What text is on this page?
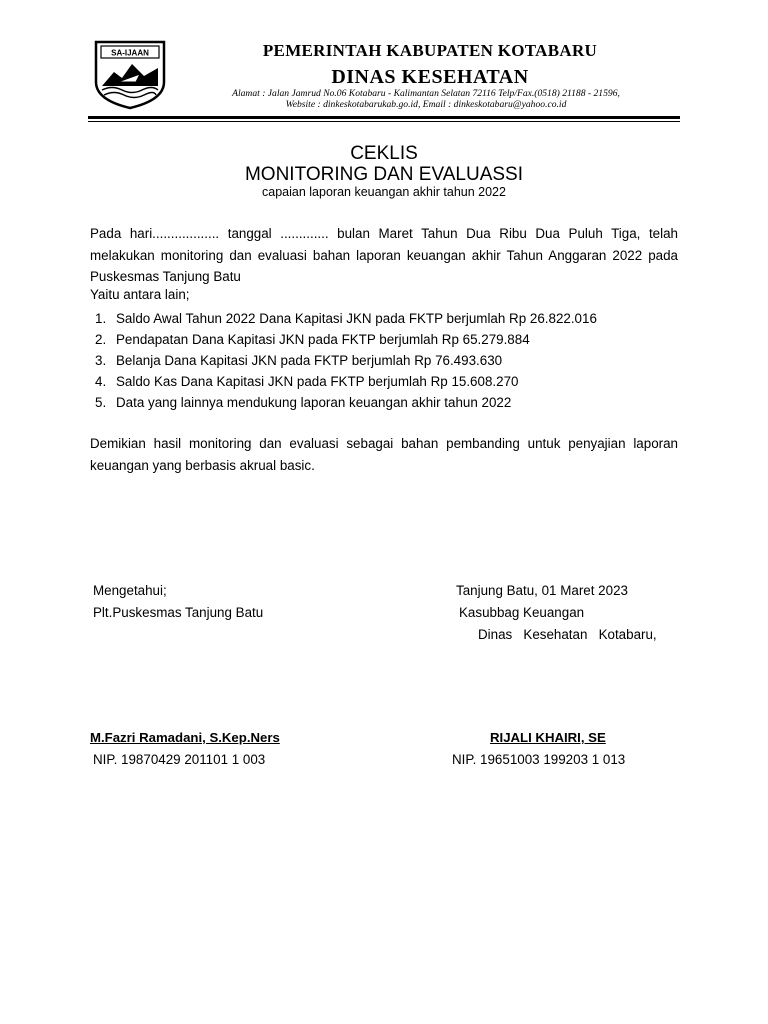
SA-IJAAN	PEMERINTAH KABUPATEN KOTABARU
DINAS KESEHATAN
Alamat : Jalan Jamrud No.06 Kotabaru - Kalimantan Selatan 72116 Telp/Fax.(0518) 21188 - 21596,
Website : dinkeskotabarukab.go.id, Email : dinkeskotabaru@yahoo.co.id
CEKLIS
MONITORING DAN EVALUASSI
capaian laporan keuangan akhir tahun 2022
Pada hari.................. tanggal ............. bulan Maret Tahun Dua Ribu Dua Puluh Tiga, telah melakukan monitoring dan evaluasi bahan laporan keuangan akhir Tahun Anggaran 2022 pada Puskesmas Tanjung Batu
Yaitu antara lain;
1. Saldo Awal Tahun 2022 Dana Kapitasi JKN pada FKTP berjumlah Rp 26.822.016
2. Pendapatan Dana Kapitasi JKN pada FKTP berjumlah Rp 65.279.884
3. Belanja Dana Kapitasi JKN pada FKTP berjumlah Rp 76.493.630
4. Saldo Kas Dana Kapitasi JKN pada FKTP berjumlah Rp 15.608.270
5. Data yang lainnya mendukung laporan keuangan akhir tahun 2022
Demikian hasil monitoring dan evaluasi sebagai bahan pembanding untuk penyajian laporan keuangan yang berbasis akrual basic.
Mengetahui;
Plt.Puskesmas Tanjung Batu
Tanjung Batu, 01 Maret 2023
Kasubbag Keuangan
Dinas   Kesehatan   Kotabaru,
M.Fazri Ramadani, S.Kep.Ners
NIP. 19870429 201101 1 003
RIJALI KHAIRI, SE
NIP. 19651003 199203 1 013
